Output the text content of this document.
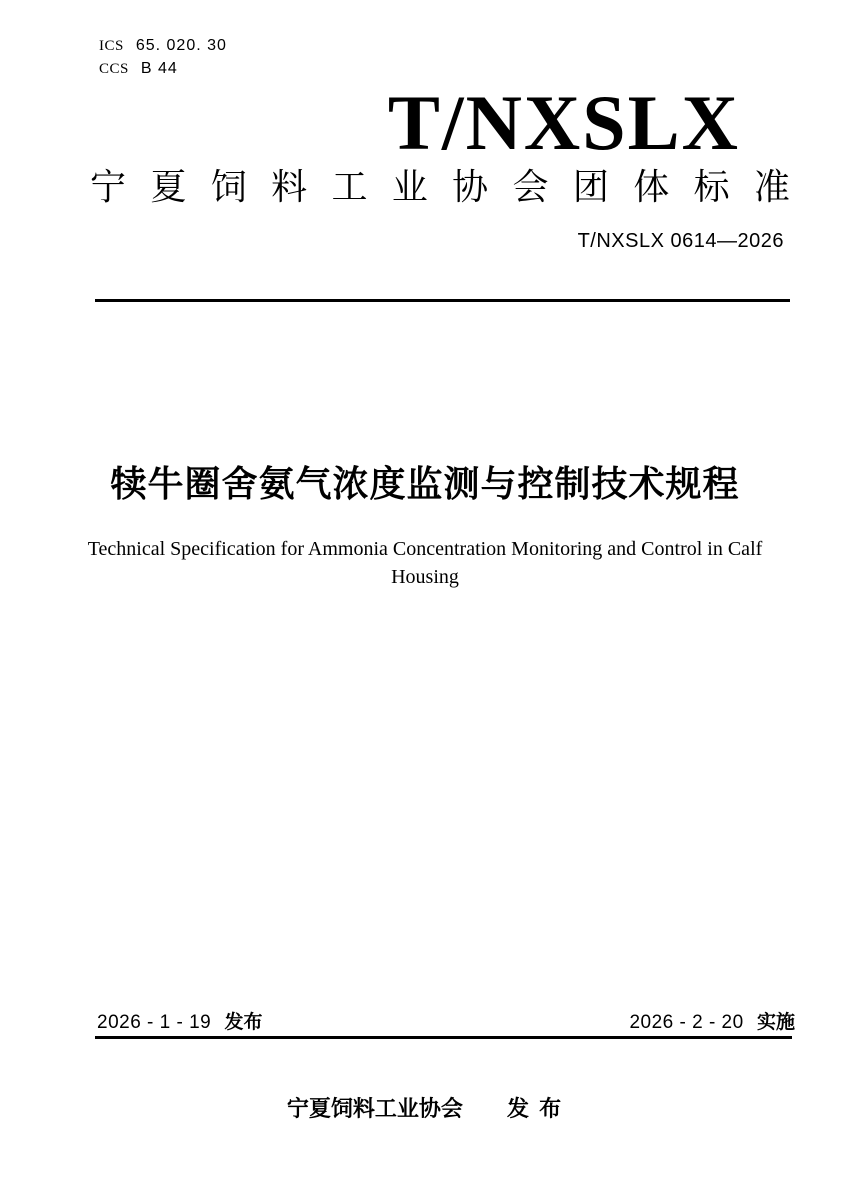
ICS 65. 020. 30
CCS B 44
T/NXSLX
宁夏饲料工业协会团体标准
T/NXSLX 0614—2026
犊牛圈舍氨气浓度监测与控制技术规程
Technical Specification for Ammonia Concentration Monitoring and Control in Calf Housing
2026 - 1 - 19 发布	2026 - 2 - 20 实施
宁夏饲料工业协会 发 布
